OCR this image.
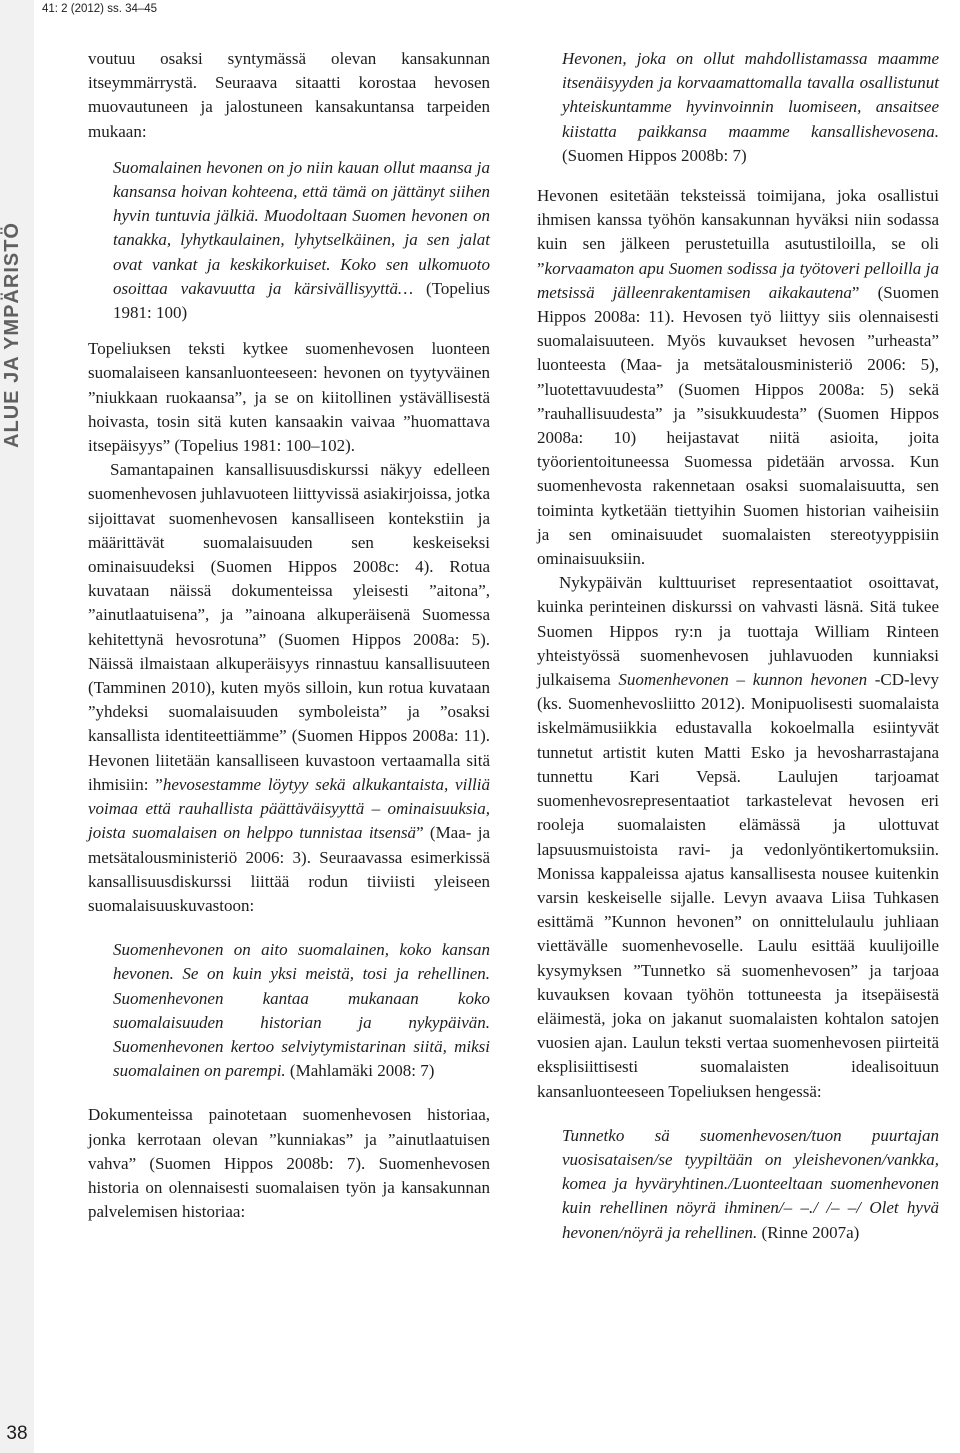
ALUE JA YMPÄRISTÖ
38
41: 2 (2012) ss. 34–45

voutuu osaksi syntymässä olevan kansakunnan itseymmärrystä. Seuraava sitaatti korostaa hevosen muovautuneen ja jalostuneen kansakuntansa tarpeiden mukaan:

Suomalainen hevonen on jo niin kauan ollut maansa ja kansansa hoivan kohteena, että tämä on jättänyt siihen hyvin tuntuvia jälkiä. Muodoltaan Suomen hevonen on tanakka, lyhytkaulainen, lyhytselkäinen, ja sen jalat ovat vankat ja keskikorkuiset. Koko sen ulkomuoto osoittaa vakavuutta ja kärsivällisyyttä… (Topelius 1981: 100)

Topeliuksen teksti kytkee suomenhevosen luonteen suomalaiseen kansanluonteeseen: hevonen on tyytyväinen ”niukkaan ruokaansa”, ja se on kiitollinen ystävällisestä hoivasta, tosin sitä kuten kansaakin vaivaa ”huomattava itsepäisyys” (Topelius 1981: 100–102).

Samantapainen kansallisuusdiskurssi näkyy edelleen suomenhevosen juhlavuoteen liittyvissä asiakirjoissa, jotka sijoittavat suomenhevosen kansalliseen kontekstiin ja määrittävät suomalaisuuden sen keskeiseksi ominaisuudeksi (Suomen Hippos 2008c: 4). Rotua kuvataan näissä dokumenteissa yleisesti ”aitona”, ”ainutlaatuisena”, ja ”ainoana alkuperäisenä Suomessa kehitettynä hevosrotuna” (Suomen Hippos 2008a: 5). Näissä ilmaistaan alkuperäisyys rinnastuu kansallisuuteen (Tamminen 2010), kuten myös silloin, kun rotua kuvataan ”yhdeksi suomalaisuuden symboleista” ja ”osaksi kansallista identiteettiämme” (Suomen Hippos 2008a: 11). Hevonen liitetään kansalliseen kuvastoon vertaamalla sitä ihmisiin: ”hevosestamme löytyy sekä alkukantaista, villiä voimaa että rauhallista päättäväisyyttä – ominaisuuksia, joista suomalaisen on helppo tunnistaa itsensä” (Maa- ja metsätalousministeriö 2006: 3). Seuraavassa esimerkissä kansallisuusdiskurssi liittää rodun tiiviisti yleiseen suomalaisuuskuvastoon:

Suomenhevonen on aito suomalainen, koko kansan hevonen. Se on kuin yksi meistä, tosi ja rehellinen. Suomenhevonen kantaa mukanaan koko suomalaisuuden historian ja nykypäivän. Suomenhevonen kertoo selviytymistarinan siitä, miksi suomalainen on parempi. (Mahlamäki 2008: 7)

Dokumenteissa painotetaan suomenhevosen historiaa, jonka kerrotaan olevan ”kunniakas” ja ”ainutlaatuisen vahva” (Suomen Hippos 2008b: 7). Suomenhevosen historia on olennaisesti suomalaisen työn ja kansakunnan palvelemisen historiaa:

Hevonen, joka on ollut mahdollistamassa maamme itsenäisyyden ja korvaamattomalla tavalla osallistunut yhteiskuntamme hyvinvoinnin luomiseen, ansaitsee kiistatta paikkansa maamme kansallishevosena. (Suomen Hippos 2008b: 7)

Hevonen esitetään teksteissä toimijana, joka osallistui ihmisen kanssa työhön kansakunnan hyväksi niin sodassa kuin sen jälkeen perustetuilla asutustiloilla, se oli ”korvaamaton apu Suomen sodissa ja työtoveri pelloilla ja metsissä jälleenrakentamisen aikakautena” (Suomen Hippos 2008a: 11). Hevosen työ liittyy siis olennaisesti suomalaisuuteen. Myös kuvaukset hevosen ”urheasta” luonteesta (Maa- ja metsätalousministeriö 2006: 5), ”luotettavuudesta” (Suomen Hippos 2008a: 5) sekä ”rauhallisuudesta” ja ”sisukkuudesta” (Suomen Hippos 2008a: 10) heijastavat niitä asioita, joita työorientoituneessa Suomessa pidetään arvossa. Kun suomenhevosta rakennetaan osaksi suomalaisuutta, sen toiminta kytketään tiettyihin Suomen historian vaiheisiin ja sen ominaisuudet suomalaisten stereotyyppisiin ominaisuuksiin.

Nykypäivän kulttuuriset representaatiot osoittavat, kuinka perinteinen diskurssi on vahvasti läsnä. Sitä tukee Suomen Hippos ry:n ja tuottaja William Rinteen yhteistyössä suomenhevosen juhlavuoden kunniaksi julkaisema Suomenhevonen – kunnon hevonen -CD-levy (ks. Suomenhevosliitto 2012). Monipuolisesti suomalaista iskelmämusiikkia edustavalla kokoelmalla esiintyvät tunnetut artistit kuten Matti Esko ja hevosharrastajana tunnettu Kari Vepsä. Laulujen tarjoamat suomenhevosrepresentaatiot tarkastelevat hevosen eri rooleja suomalaisten elämässä ja ulottuvat lapsuusmuistoista ravi- ja vedonlyöntikertomuksiin. Monissa kappaleissa ajatus kansallisesta nousee kuitenkin varsin keskeiselle sijalle. Levyn avaava Liisa Tuhkasen esittämä ”Kunnon hevonen” on onnittelulaulu juhliaan viettävälle suomenhevoselle. Laulu esittää kuulijoille kysymyksen ”Tunnetko sä suomenhevosen” ja tarjoaa kuvauksen kovaan työhön tottuneesta ja itsepäisestä eläimestä, joka on jakanut suomalaisten kohtalon satojen vuosien ajan. Laulun teksti vertaa suomenhevosen piirteitä eksplisiittisesti suomalaisten idealisoituun kansanluonteeseen Topeliuksen hengessä:

Tunnetko sä suomenhevosen/tuon puurtajan vuosisataisen/se tyypiltään on yleishevonen/vankka, komea ja hyväryhtinen./Luonteeltaan suomenhevonen kuin rehellinen nöyrä ihminen/– –./ /– –/ Olet hyvä hevonen/nöyrä ja rehellinen. (Rinne 2007a)
